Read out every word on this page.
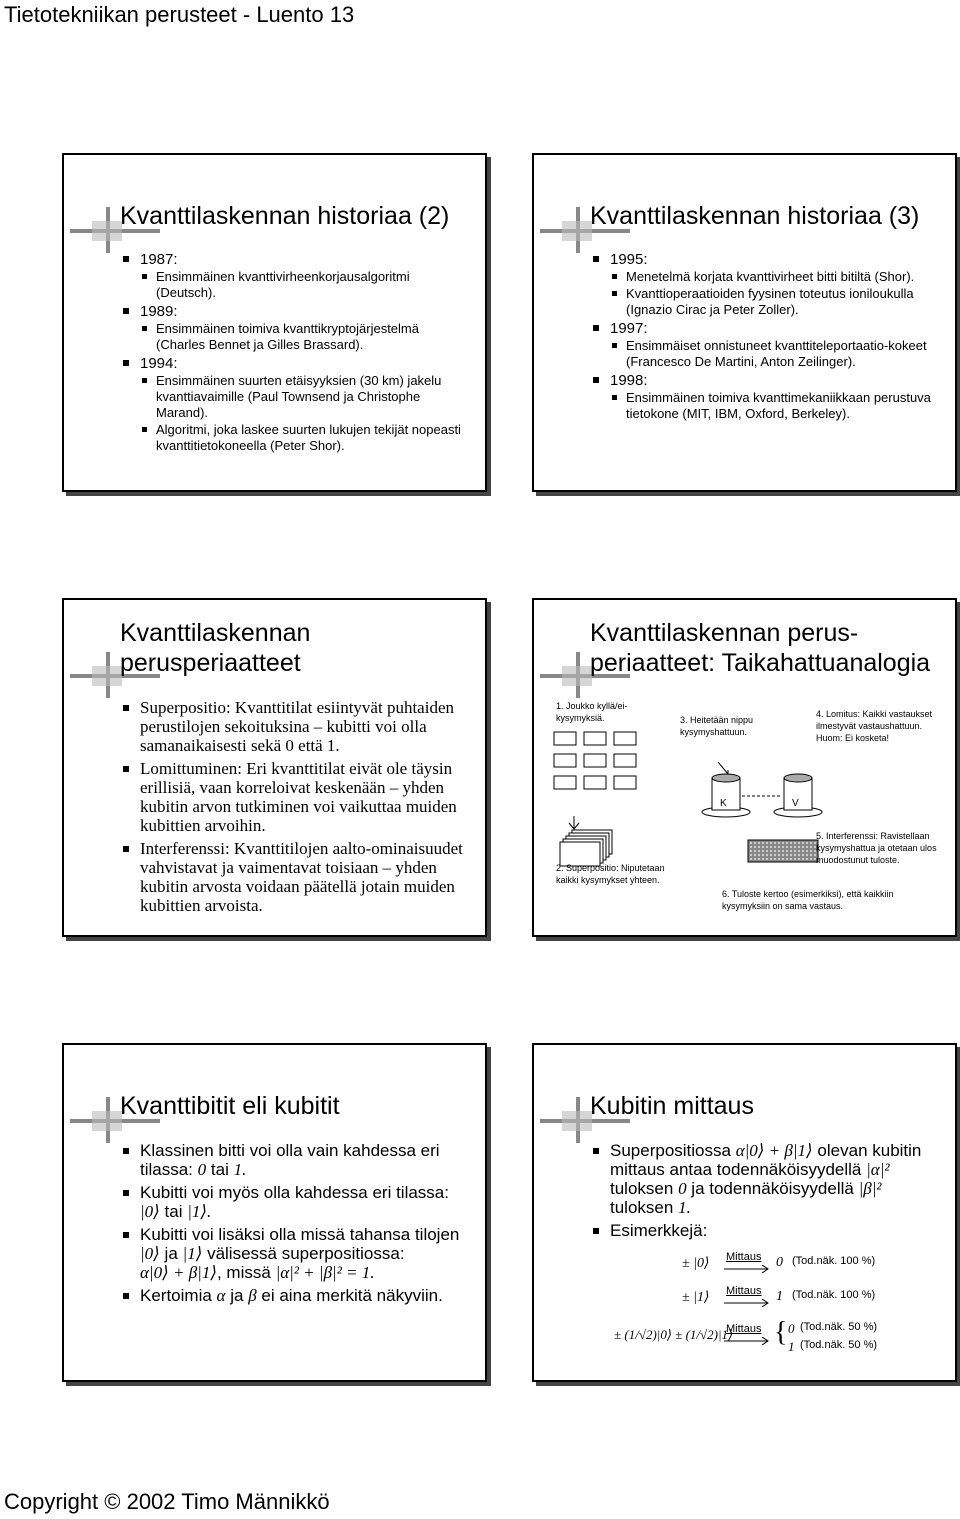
Tietotekniikan perusteet - Luento 13
Kvanttilaskennan historiaa (2)
1987:
Ensimmäinen kvanttivirheenkorjausalgoritmi (Deutsch).
1989:
Ensimmäinen toimiva kvanttikryptojärjestelmä (Charles Bennet ja Gilles Brassard).
1994:
Ensimmäinen suurten etäisyyksien (30 km) jakelu kvanttiavaimille (Paul Townsend ja Christophe Marand).
Algoritmi, joka laskee suurten lukujen tekijät nopeasti kvanttitietokoneella (Peter Shor).
Kvanttilaskennan historiaa (3)
1995:
Menetelmä korjata kvanttivirheet bitti bitiltä (Shor).
Kvanttioperaatioiden fyysinen toteutus ioniloukulla (Ignazio Cirac ja Peter Zoller).
1997:
Ensimmäiset onnistuneet kvanttiteleportaatio-kokeet (Francesco De Martini, Anton Zeilinger).
1998:
Ensimmäinen toimiva kvanttimekaniikkaan perustuva tietokone (MIT, IBM, Oxford, Berkeley).
Kvanttilaskennan
perusperiaatteet
Superpositio: Kvanttitilat esiintyvät puhtaiden perustilojen sekoituksina – kubitti voi olla samanaikaisesti sekä 0 että 1.
Lomittuminen: Eri kvanttitilat eivät ole täysin erillisiä, vaan korreloivat keskenään – yhden kubitin arvon tutkiminen voi vaikuttaa muiden kubittien arvoihin.
Interferenssi: Kvanttitilojen aalto-ominaisuudet vahvistavat ja vaimentavat toisiaan – yhden kubitin arvosta voidaan päätellä jotain muiden kubittien arvoista.
Kvanttilaskennan perus-
periaatteet: Taikahattuanalogia
1. Joukko kyllä/ei-kysymyksiä.
2. Superpositio: Niputetaan kaikki kysymykset yhteen.
3. Heitetään nippu kysymyshattuun.
K	V
4. Lomitus: Kaikki vastaukset ilmestyvät vastaushattuun. Huom: Ei kosketa!
5. Interferenssi: Ravistellaan kysymyshattua ja otetaan ulos muodostunut tuloste.
6. Tuloste kertoo (esimerkiksi), että kaikkiin kysymyksiin on sama vastaus.
Kvanttibitit eli kubitit
Klassinen bitti voi olla vain kahdessa eri tilassa: 0 tai 1.
Kubitti voi myös olla kahdessa eri tilassa: |0⟩ tai |1⟩.
Kubitti voi lisäksi olla missä tahansa tilojen |0⟩ ja |1⟩ välisessä superpositiossa:
α|0⟩ + β|1⟩, missä |α|² + |β|² = 1.
Kertoimia α ja β ei aina merkitä näkyviin.
Kubitin mittaus
Superpositiossa α|0⟩ + β|1⟩ olevan kubitin mittaus antaa todennäköisyydellä |α|² tuloksen 0 ja todennäköisyydellä |β|² tuloksen 1.
Esimerkkejä:
± |0⟩ Mittaus 0 (Tod.näk. 100 %)
± |1⟩ Mittaus 1 (Tod.näk. 100 %)
± (1/√2)|0⟩ ± (1/√2)|1⟩
Mittaus { 0
1
(Tod.näk. 50 %)
(Tod.näk. 50 %)
Copyright © 2002 Timo Männikkö
